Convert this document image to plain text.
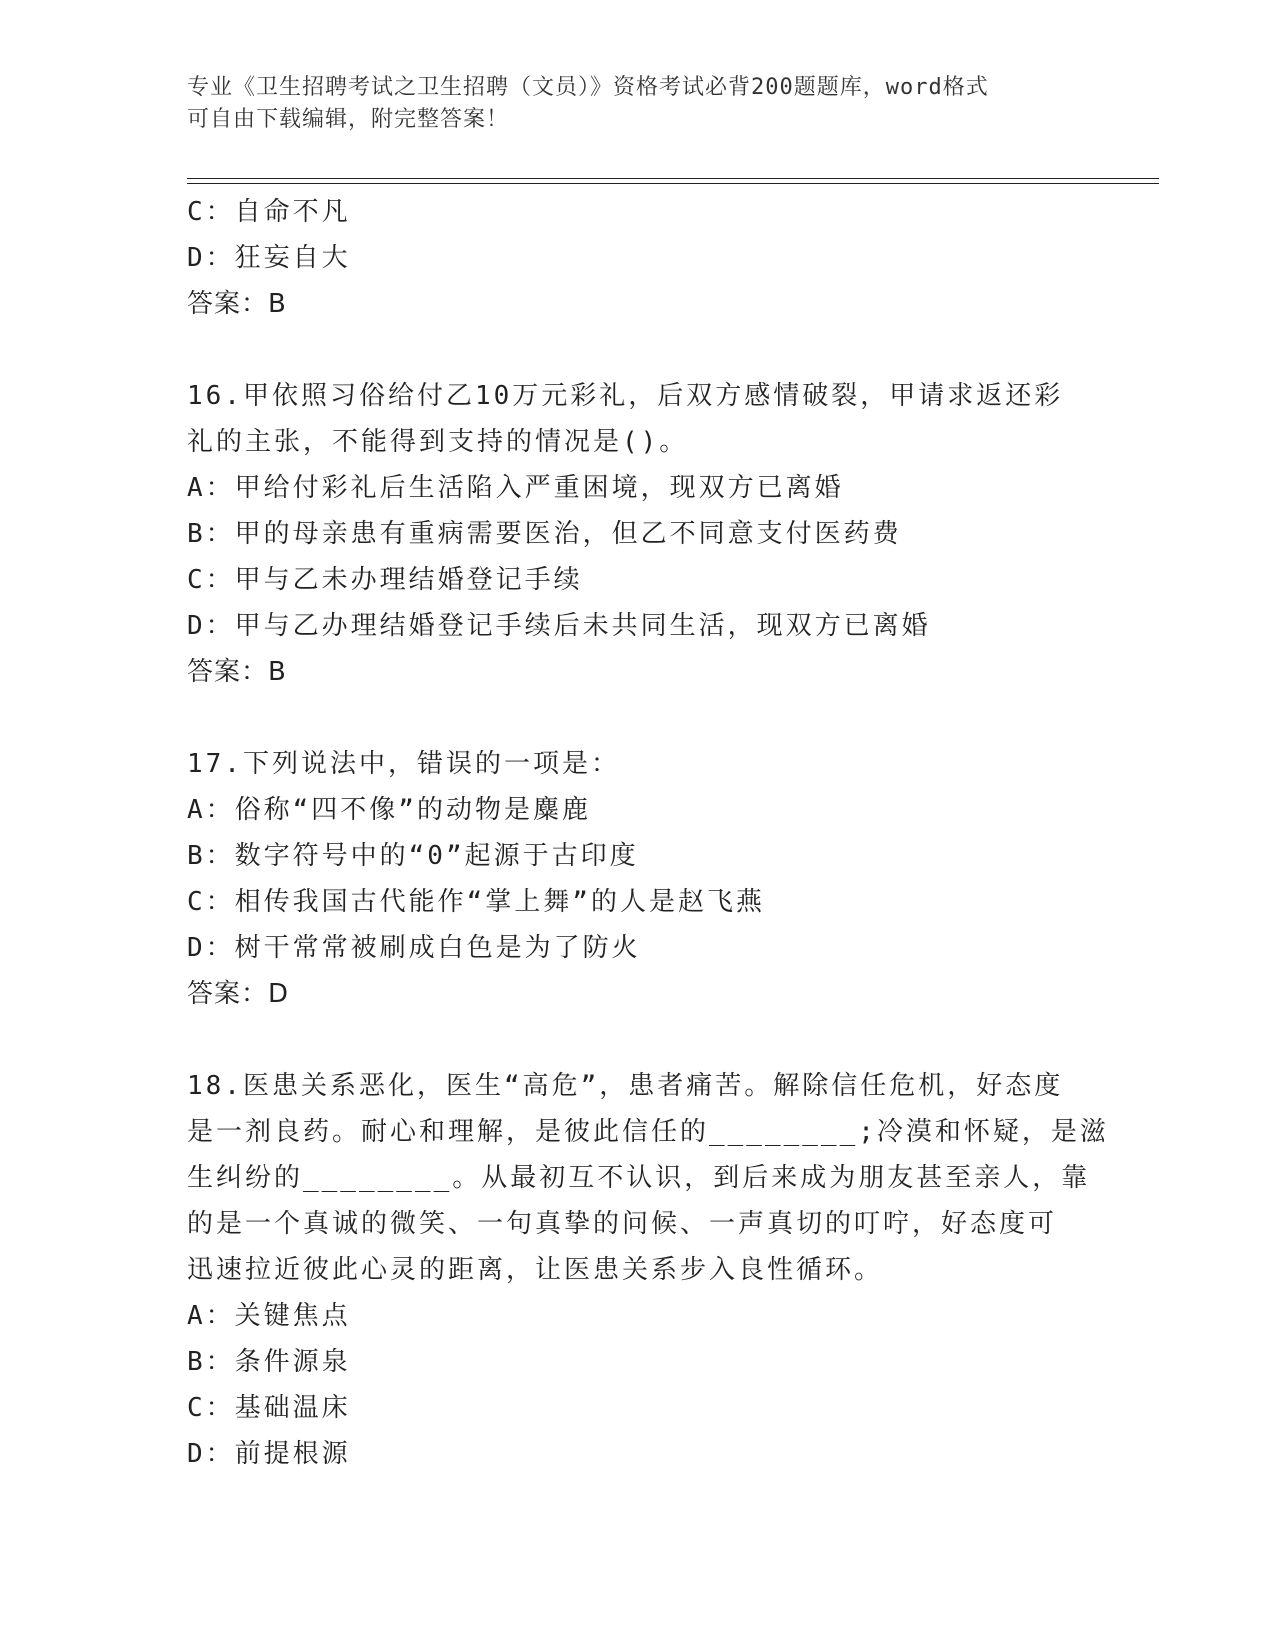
专业《卫生招聘考试之卫生招聘（文员）》资格考试必背200题题库，word格式
可自由下载编辑，附完整答案！
C：自命不凡
D：狂妄自大
答案：B
16.甲依照习俗给付乙10万元彩礼，后双方感情破裂，甲请求返还彩
礼的主张，不能得到支持的情况是()。
A：甲给付彩礼后生活陷入严重困境，现双方已离婚
B：甲的母亲患有重病需要医治，但乙不同意支付医药费
C：甲与乙未办理结婚登记手续
D：甲与乙办理结婚登记手续后未共同生活，现双方已离婚
答案：B
17.下列说法中，错误的一项是：
A：俗称“四不像”的动物是麋鹿
B：数字符号中的“0”起源于古印度
C：相传我国古代能作“掌上舞”的人是赵飞燕
D：树干常常被刷成白色是为了防火
答案：D
18.医患关系恶化，医生“高危”，患者痛苦。解除信任危机，好态度
是一剂良药。耐心和理解，是彼此信任的________;冷漠和怀疑，是滋
生纠纷的________。从最初互不认识，到后来成为朋友甚至亲人，靠
的是一个真诚的微笑、一句真挚的问候、一声真切的叮咛，好态度可
迅速拉近彼此心灵的距离，让医患关系步入良性循环。
A：关键焦点
B：条件源泉
C：基础温床
D：前提根源
